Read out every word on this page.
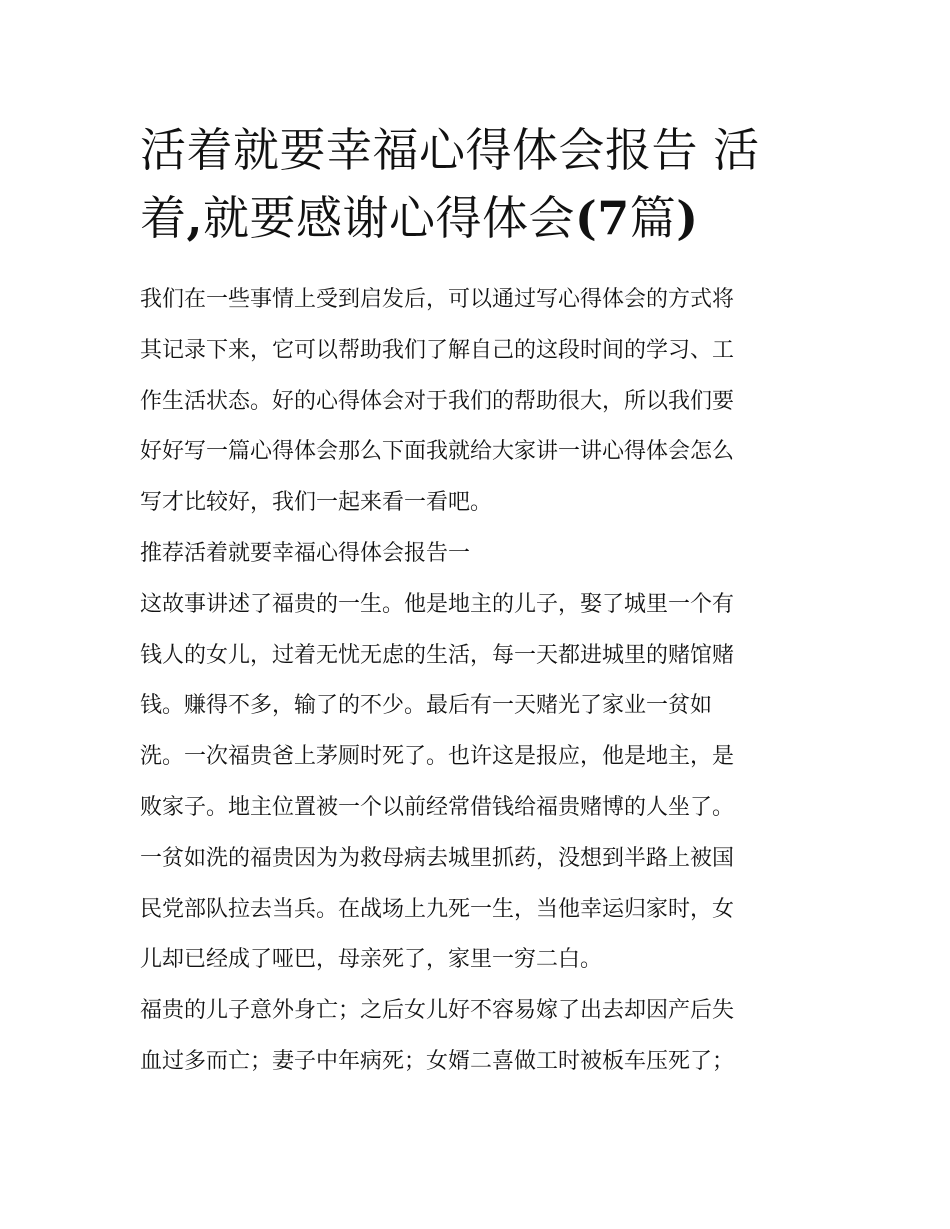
活着就要幸福心得体会报告 活
着,就要感谢心得体会(7篇)
我们在一些事情上受到启发后，可以通过写心得体会的方式将
其记录下来，它可以帮助我们了解自己的这段时间的学习、工
作生活状态。好的心得体会对于我们的帮助很大，所以我们要
好好写一篇心得体会那么下面我就给大家讲一讲心得体会怎么
写才比较好，我们一起来看一看吧。
推荐活着就要幸福心得体会报告一
这故事讲述了福贵的一生。他是地主的儿子，娶了城里一个有
钱人的女儿，过着无忧无虑的生活，每一天都进城里的赌馆赌
钱。赚得不多，输了的不少。最后有一天赌光了家业一贫如
洗。一次福贵爸上茅厕时死了。也许这是报应，他是地主，是
败家子。地主位置被一个以前经常借钱给福贵赌博的人坐了。
一贫如洗的福贵因为为救母病去城里抓药，没想到半路上被国
民党部队拉去当兵。在战场上九死一生，当他幸运归家时，女
儿却已经成了哑巴，母亲死了，家里一穷二白。
福贵的儿子意外身亡；之后女儿好不容易嫁了出去却因产后失
血过多而亡；妻子中年病死；女婿二喜做工时被板车压死了；
